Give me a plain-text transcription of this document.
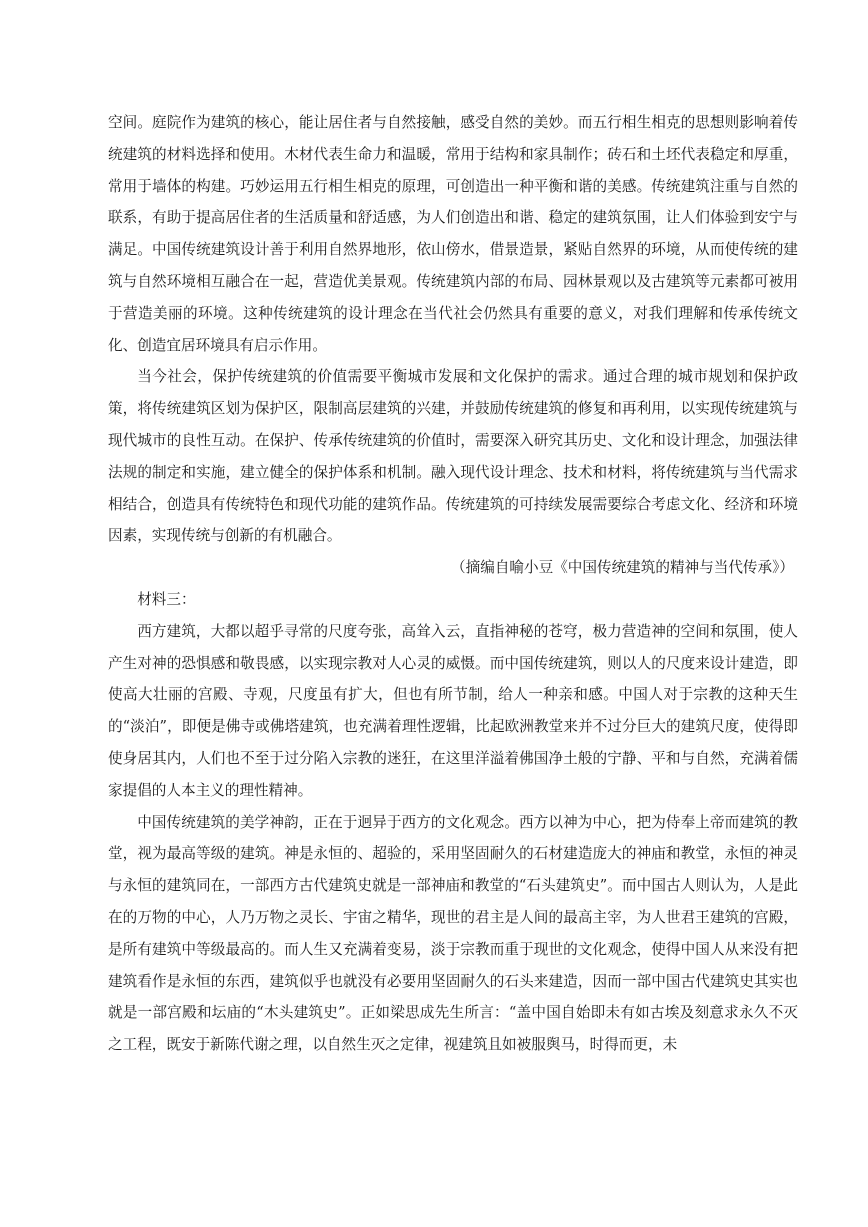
空间。庭院作为建筑的核心，能让居住者与自然接触，感受自然的美妙。而五行相生相克的思想则影响着传统建筑的材料选择和使用。木材代表生命力和温暖，常用于结构和家具制作；砖石和土坯代表稳定和厚重，常用于墙体的构建。巧妙运用五行相生相克的原理，可创造出一种平衡和谐的美感。传统建筑注重与自然的联系，有助于提高居住者的生活质量和舒适感，为人们创造出和谐、稳定的建筑氛围，让人们体验到安宁与满足。中国传统建筑设计善于利用自然界地形，依山傍水，借景造景，紧贴自然界的环境，从而使传统的建筑与自然环境相互融合在一起，营造优美景观。传统建筑内部的布局、园林景观以及古建筑等元素都可被用于营造美丽的环境。这种传统建筑的设计理念在当代社会仍然具有重要的意义，对我们理解和传承传统文化、创造宜居环境具有启示作用。

当今社会，保护传统建筑的价值需要平衡城市发展和文化保护的需求。通过合理的城市规划和保护政策，将传统建筑区划为保护区，限制高层建筑的兴建，并鼓励传统建筑的修复和再利用，以实现传统建筑与现代城市的良性互动。在保护、传承传统建筑的价值时，需要深入研究其历史、文化和设计理念，加强法律法规的制定和实施，建立健全的保护体系和机制。融入现代设计理念、技术和材料，将传统建筑与当代需求相结合，创造具有传统特色和现代功能的建筑作品。传统建筑的可持续发展需要综合考虑文化、经济和环境因素，实现传统与创新的有机融合。

（摘编自喻小豆《中国传统建筑的精神与当代传承》）

材料三：

西方建筑，大都以超乎寻常的尺度夸张，高耸入云，直指神秘的苍穹，极力营造神的空间和氛围，使人产生对神的恐惧感和敬畏感，以实现宗教对人心灵的威慑。而中国传统建筑，则以人的尺度来设计建造，即使高大壮丽的宫殿、寺观，尺度虽有扩大，但也有所节制，给人一种亲和感。中国人对于宗教的这种天生的“淡泊”，即便是佛寺或佛塔建筑，也充满着理性逻辑，比起欧洲教堂来并不过分巨大的建筑尺度，使得即使身居其内，人们也不至于过分陷入宗教的迷狂，在这里洋溢着佛国净土般的宁静、平和与自然，充满着儒家提倡的人本主义的理性精神。

中国传统建筑的美学神韵，正在于迥异于西方的文化观念。西方以神为中心，把为侍奉上帝而建筑的教堂，视为最高等级的建筑。神是永恒的、超验的，采用坚固耐久的石材建造庞大的神庙和教堂，永恒的神灵与永恒的建筑同在，一部西方古代建筑史就是一部神庙和教堂的“石头建筑史”。而中国古人则认为，人是此在的万物的中心，人乃万物之灵长、宇宙之精华，现世的君主是人间的最高主宰，为人世君王建筑的宫殿，是所有建筑中等级最高的。而人生又充满着变易，淡于宗教而重于现世的文化观念，使得中国人从来没有把建筑看作是永恒的东西，建筑似乎也就没有必要用坚固耐久的石头来建造，因而一部中国古代建筑史其实也就是一部宫殿和坛庙的“木头建筑史”。正如梁思成先生所言：“盖中国自始即未有如古埃及刻意求永久不灭之工程，既安于新陈代谢之理，以自然生灭之定律，视建筑且如被服舆马，时得而更，未
